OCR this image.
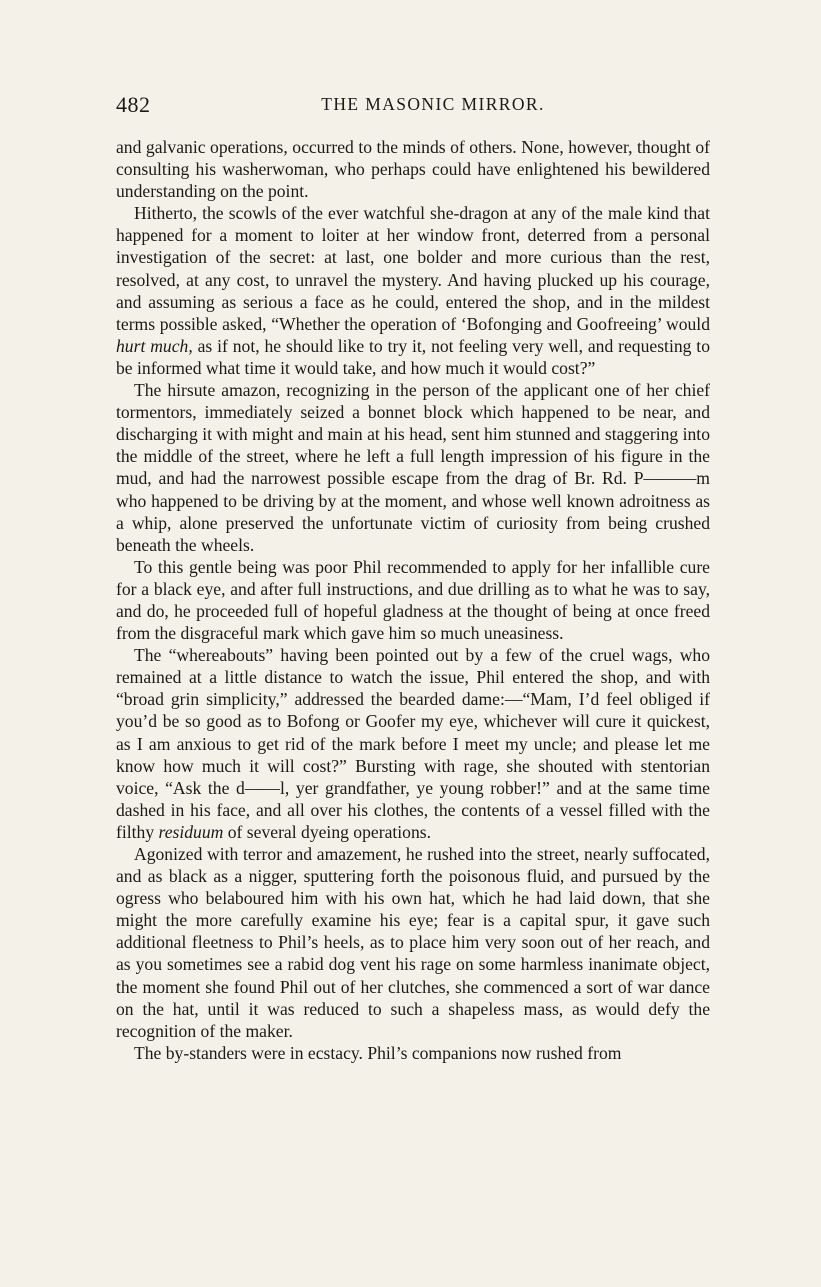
482	THE MASONIC MIRROR.

and galvanic operations, occurred to the minds of others. None, however, thought of consulting his washerwoman, who perhaps could have enlightened his bewildered understanding on the point.

Hitherto, the scowls of the ever watchful she-dragon at any of the male kind that happened for a moment to loiter at her window front, deterred from a personal investigation of the secret: at last, one bolder and more curious than the rest, resolved, at any cost, to unravel the mystery. And having plucked up his courage, and assuming as serious a face as he could, entered the shop, and in the mildest terms possible asked, “Whether the operation of ‘Bofonging and Goofreeing’ would hurt much, as if not, he should like to try it, not feeling very well, and requesting to be informed what time it would take, and how much it would cost?”

The hirsute amazon, recognizing in the person of the applicant one of her chief tormentors, immediately seized a bonnet block which happened to be near, and discharging it with might and main at his head, sent him stunned and staggering into the middle of the street, where he left a full length impression of his figure in the mud, and had the narrowest possible escape from the drag of Br. Rd. P———m who happened to be driving by at the moment, and whose well known adroitness as a whip, alone preserved the unfortunate victim of curiosity from being crushed beneath the wheels.

To this gentle being was poor Phil recommended to apply for her infallible cure for a black eye, and after full instructions, and due drilling as to what he was to say, and do, he proceeded full of hopeful gladness at the thought of being at once freed from the disgraceful mark which gave him so much uneasiness.

The “whereabouts” having been pointed out by a few of the cruel wags, who remained at a little distance to watch the issue, Phil entered the shop, and with “broad grin simplicity,” addressed the bearded dame:—“Mam, I’d feel obliged if you’d be so good as to Bofong or Goofer my eye, whichever will cure it quickest, as I am anxious to get rid of the mark before I meet my uncle; and please let me know how much it will cost?” Bursting with rage, she shouted with stentorian voice, “Ask the d——l, yer grandfather, ye young robber!” and at the same time dashed in his face, and all over his clothes, the contents of a vessel filled with the filthy residuum of several dyeing operations.

Agonized with terror and amazement, he rushed into the street, nearly suffocated, and as black as a nigger, sputtering forth the poisonous fluid, and pursued by the ogress who belaboured him with his own hat, which he had laid down, that she might the more carefully examine his eye; fear is a capital spur, it gave such additional fleetness to Phil’s heels, as to place him very soon out of her reach, and as you sometimes see a rabid dog vent his rage on some harmless inanimate object, the moment she found Phil out of her clutches, she commenced a sort of war dance on the hat, until it was reduced to such a shapeless mass, as would defy the recognition of the maker.

The by-standers were in ecstacy. Phil’s companions now rushed from
